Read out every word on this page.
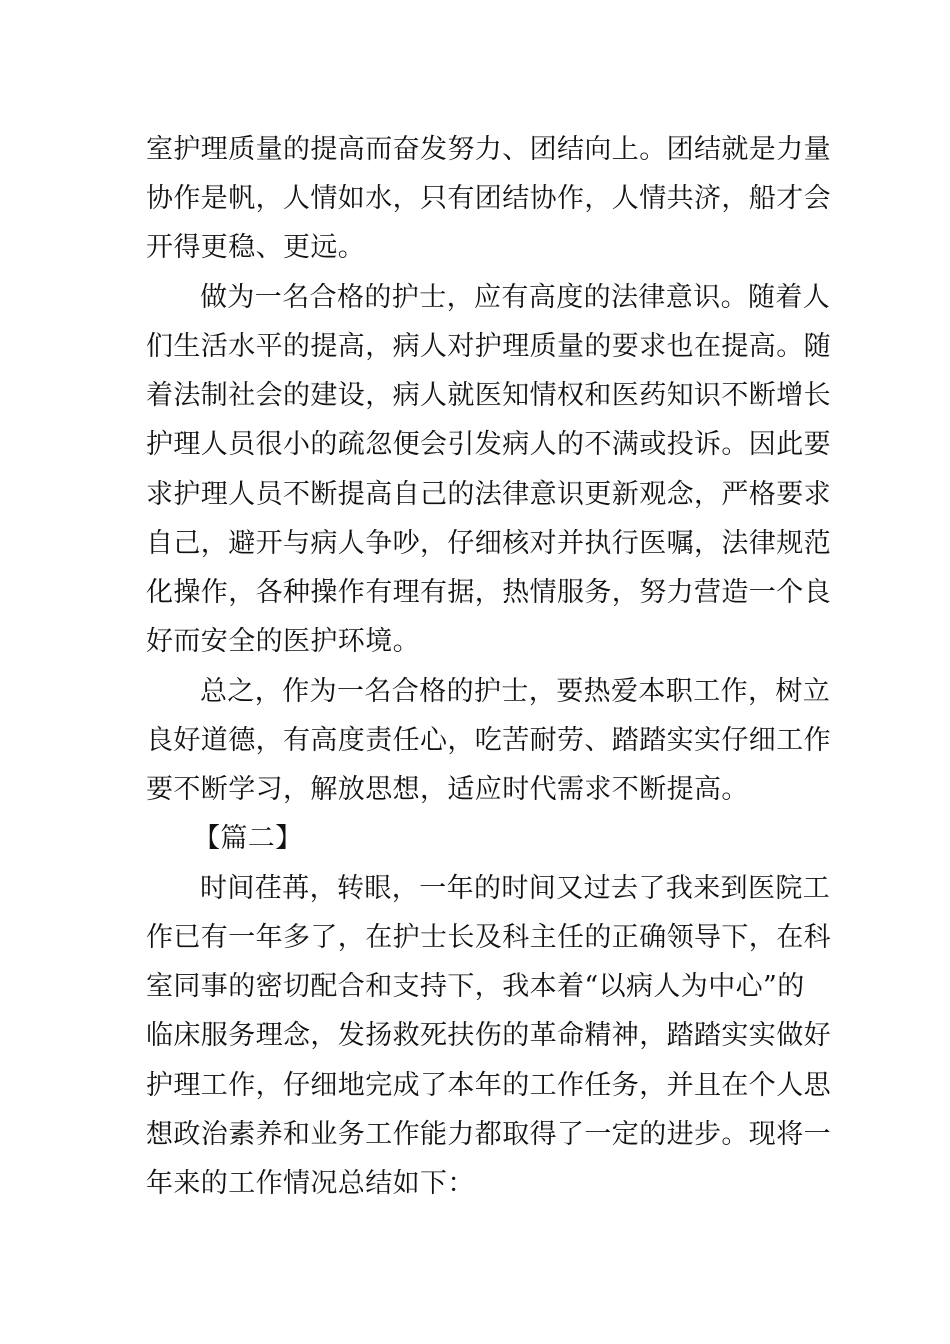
室护理质量的提高而奋发努力、团结向上。团结就是力量
协作是帆，人情如水，只有团结协作，人情共济，船才会
开得更稳、更远。
做为一名合格的护士，应有高度的法律意识。随着人
们生活水平的提高，病人对护理质量的要求也在提高。随
着法制社会的建设，病人就医知情权和医药知识不断增长
护理人员很小的疏忽便会引发病人的不满或投诉。因此要
求护理人员不断提高自己的法律意识更新观念，严格要求
自己，避开与病人争吵，仔细核对并执行医嘱，法律规范
化操作，各种操作有理有据，热情服务，努力营造一个良
好而安全的医护环境。
总之，作为一名合格的护士，要热爱本职工作，树立
良好道德，有高度责任心，吃苦耐劳、踏踏实实仔细工作
要不断学习，解放思想，适应时代需求不断提高。
【篇二】
时间荏苒，转眼，一年的时间又过去了我来到医院工
作已有一年多了，在护士长及科主任的正确领导下，在科
室同事的密切配合和支持下，我本着“以病人为中心”的
临床服务理念，发扬救死扶伤的革命精神，踏踏实实做好
护理工作，仔细地完成了本年的工作任务，并且在个人思
想政治素养和业务工作能力都取得了一定的进步。现将一
年来的工作情况总结如下：
